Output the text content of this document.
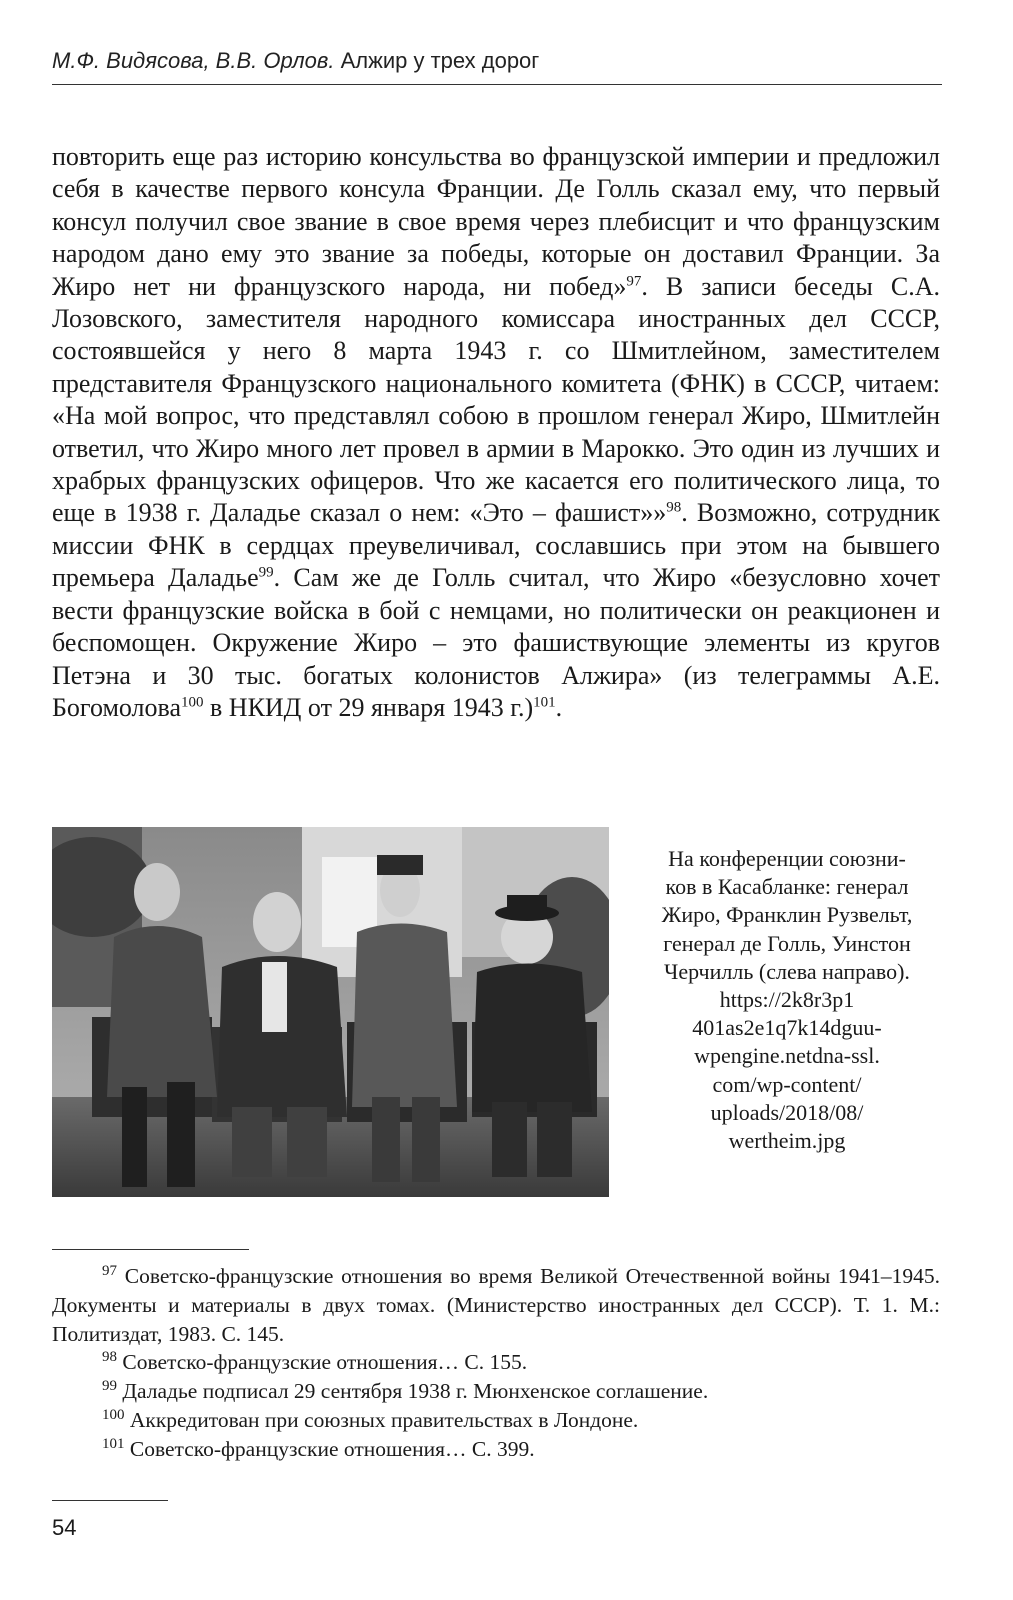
М.Ф. Видясова, В.В. Орлов. Алжир у трех дорог

повторить еще раз историю консульства во французской империи и предложил себя в качестве первого консула Франции. Де Голль сказал ему, что первый консул получил свое звание в свое время через плебисцит и что французским народом дано ему это звание за победы, которые он доставил Франции. За Жиро нет ни французского народа, ни побед»$^{97}$. В записи беседы С.А. Лозовского, заместителя народного комиссара иностранных дел СССР, состоявшейся у него 8 марта 1943 г. со Шмитлейном, заместителем представителя Французского национального комитета (ФНК) в СССР, читаем: «На мой вопрос, что представлял собою в прошлом генерал Жиро, Шмитлейн ответил, что Жиро много лет провел в армии в Марокко. Это один из лучших и храбрых французских офицеров. Что же касается его политического лица, то еще в 1938 г. Даладье сказал о нем: «Это – фашист»»$^{98}$. Возможно, сотрудник миссии ФНК в сердцах преувеличивал, сославшись при этом на бывшего премьера Даладье$^{99}$. Сам же де Голль считал, что Жиро «безусловно хочет вести французские войска в бой с немцами, но политически он реакционен и беспомощен. Окружение Жиро – это фашиствующие элементы из кругов Петэна и 30 тыс. богатых колонистов Алжира» (из телеграммы А.Е. Богомолова$^{100}$ в НКИД от 29 января 1943 г.)$^{101}$.

На конференции союзни-
ков в Касабланке: генерал
Жиро, Франклин Рузвельт,
генерал де Голль, Уинстон
Черчилль (слева направо).
https://2k8r3p1
401as2e1q7k14dguu-
wpengine.netdna-ssl.
com/wp-content/
uploads/2018/08/
wertheim.jpg

$^{97}$ Советско-французские отношения во время Великой Отечественной войны 1941–1945. Документы и материалы в двух томах. (Министерство иностранных дел СССР). Т. 1. М.: Политиздат, 1983. С. 145.

$^{98}$ Советско-французские отношения… С. 155.

$^{99}$ Даладье подписал 29 сентября 1938 г. Мюнхенское соглашение.

$^{100}$ Аккредитован при союзных правительствах в Лондоне.

$^{101}$ Советско-французские отношения… С. 399.

54
